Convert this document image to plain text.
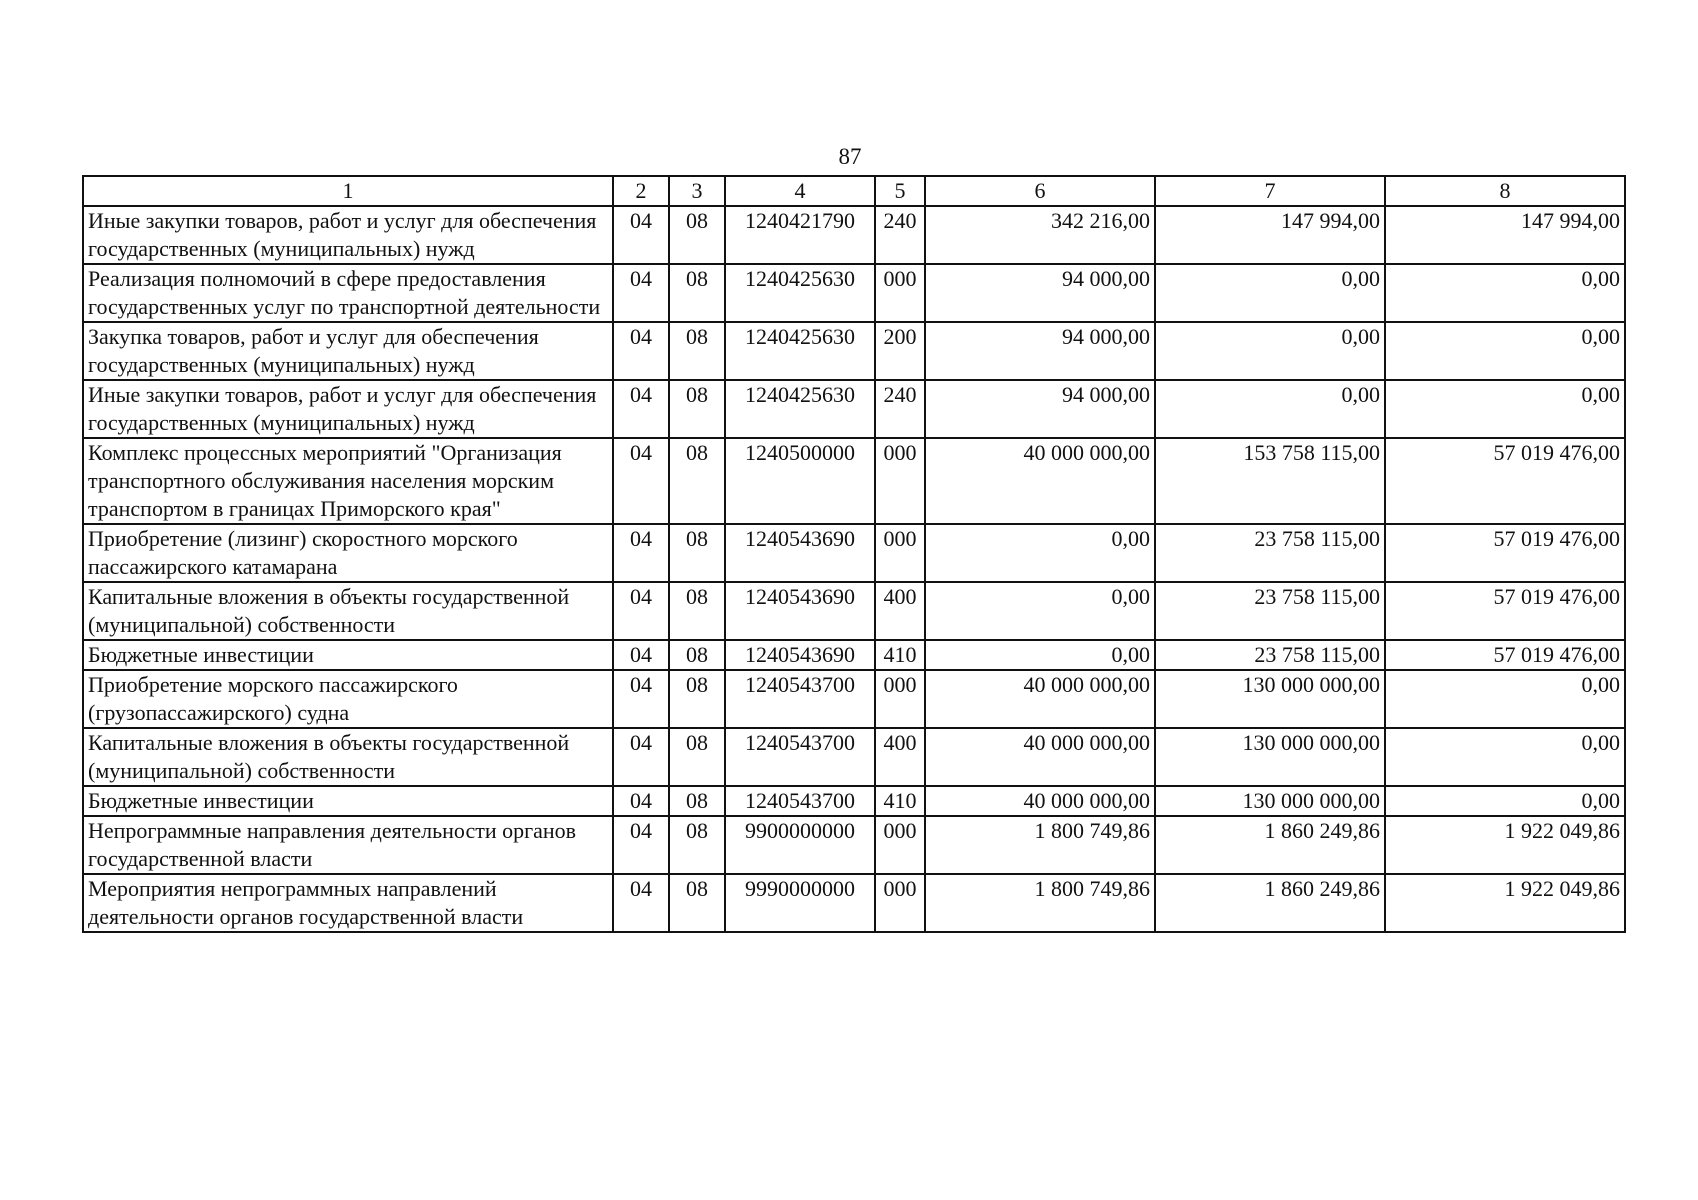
87
1	2	3	4	5	6	7	8
Иные закупки товаров, работ и услуг для обеспечения государственных (муниципальных) нужд	04	08	1240421790	240	342 216,00	147 994,00	147 994,00
Реализация полномочий в сфере предоставления государственных услуг по транспортной деятельности	04	08	1240425630	000	94 000,00	0,00	0,00
Закупка товаров, работ и услуг для обеспечения государственных (муниципальных) нужд	04	08	1240425630	200	94 000,00	0,00	0,00
Иные закупки товаров, работ и услуг для обеспечения государственных (муниципальных) нужд	04	08	1240425630	240	94 000,00	0,00	0,00
Комплекс процессных мероприятий "Организация транспортного обслуживания населения морским транспортом в границах Приморского края"	04	08	1240500000	000	40 000 000,00	153 758 115,00	57 019 476,00
Приобретение (лизинг) скоростного морского пассажирского катамарана	04	08	1240543690	000	0,00	23 758 115,00	57 019 476,00
Капитальные вложения в объекты государственной (муниципальной) собственности	04	08	1240543690	400	0,00	23 758 115,00	57 019 476,00
Бюджетные инвестиции	04	08	1240543690	410	0,00	23 758 115,00	57 019 476,00
Приобретение морского пассажирского (грузопассажирского) судна	04	08	1240543700	000	40 000 000,00	130 000 000,00	0,00
Капитальные вложения в объекты государственной (муниципальной) собственности	04	08	1240543700	400	40 000 000,00	130 000 000,00	0,00
Бюджетные инвестиции	04	08	1240543700	410	40 000 000,00	130 000 000,00	0,00
Непрограммные направления деятельности органов государственной власти	04	08	9900000000	000	1 800 749,86	1 860 249,86	1 922 049,86
Мероприятия непрограммных направлений деятельности органов государственной власти	04	08	9990000000	000	1 800 749,86	1 860 249,86	1 922 049,86
